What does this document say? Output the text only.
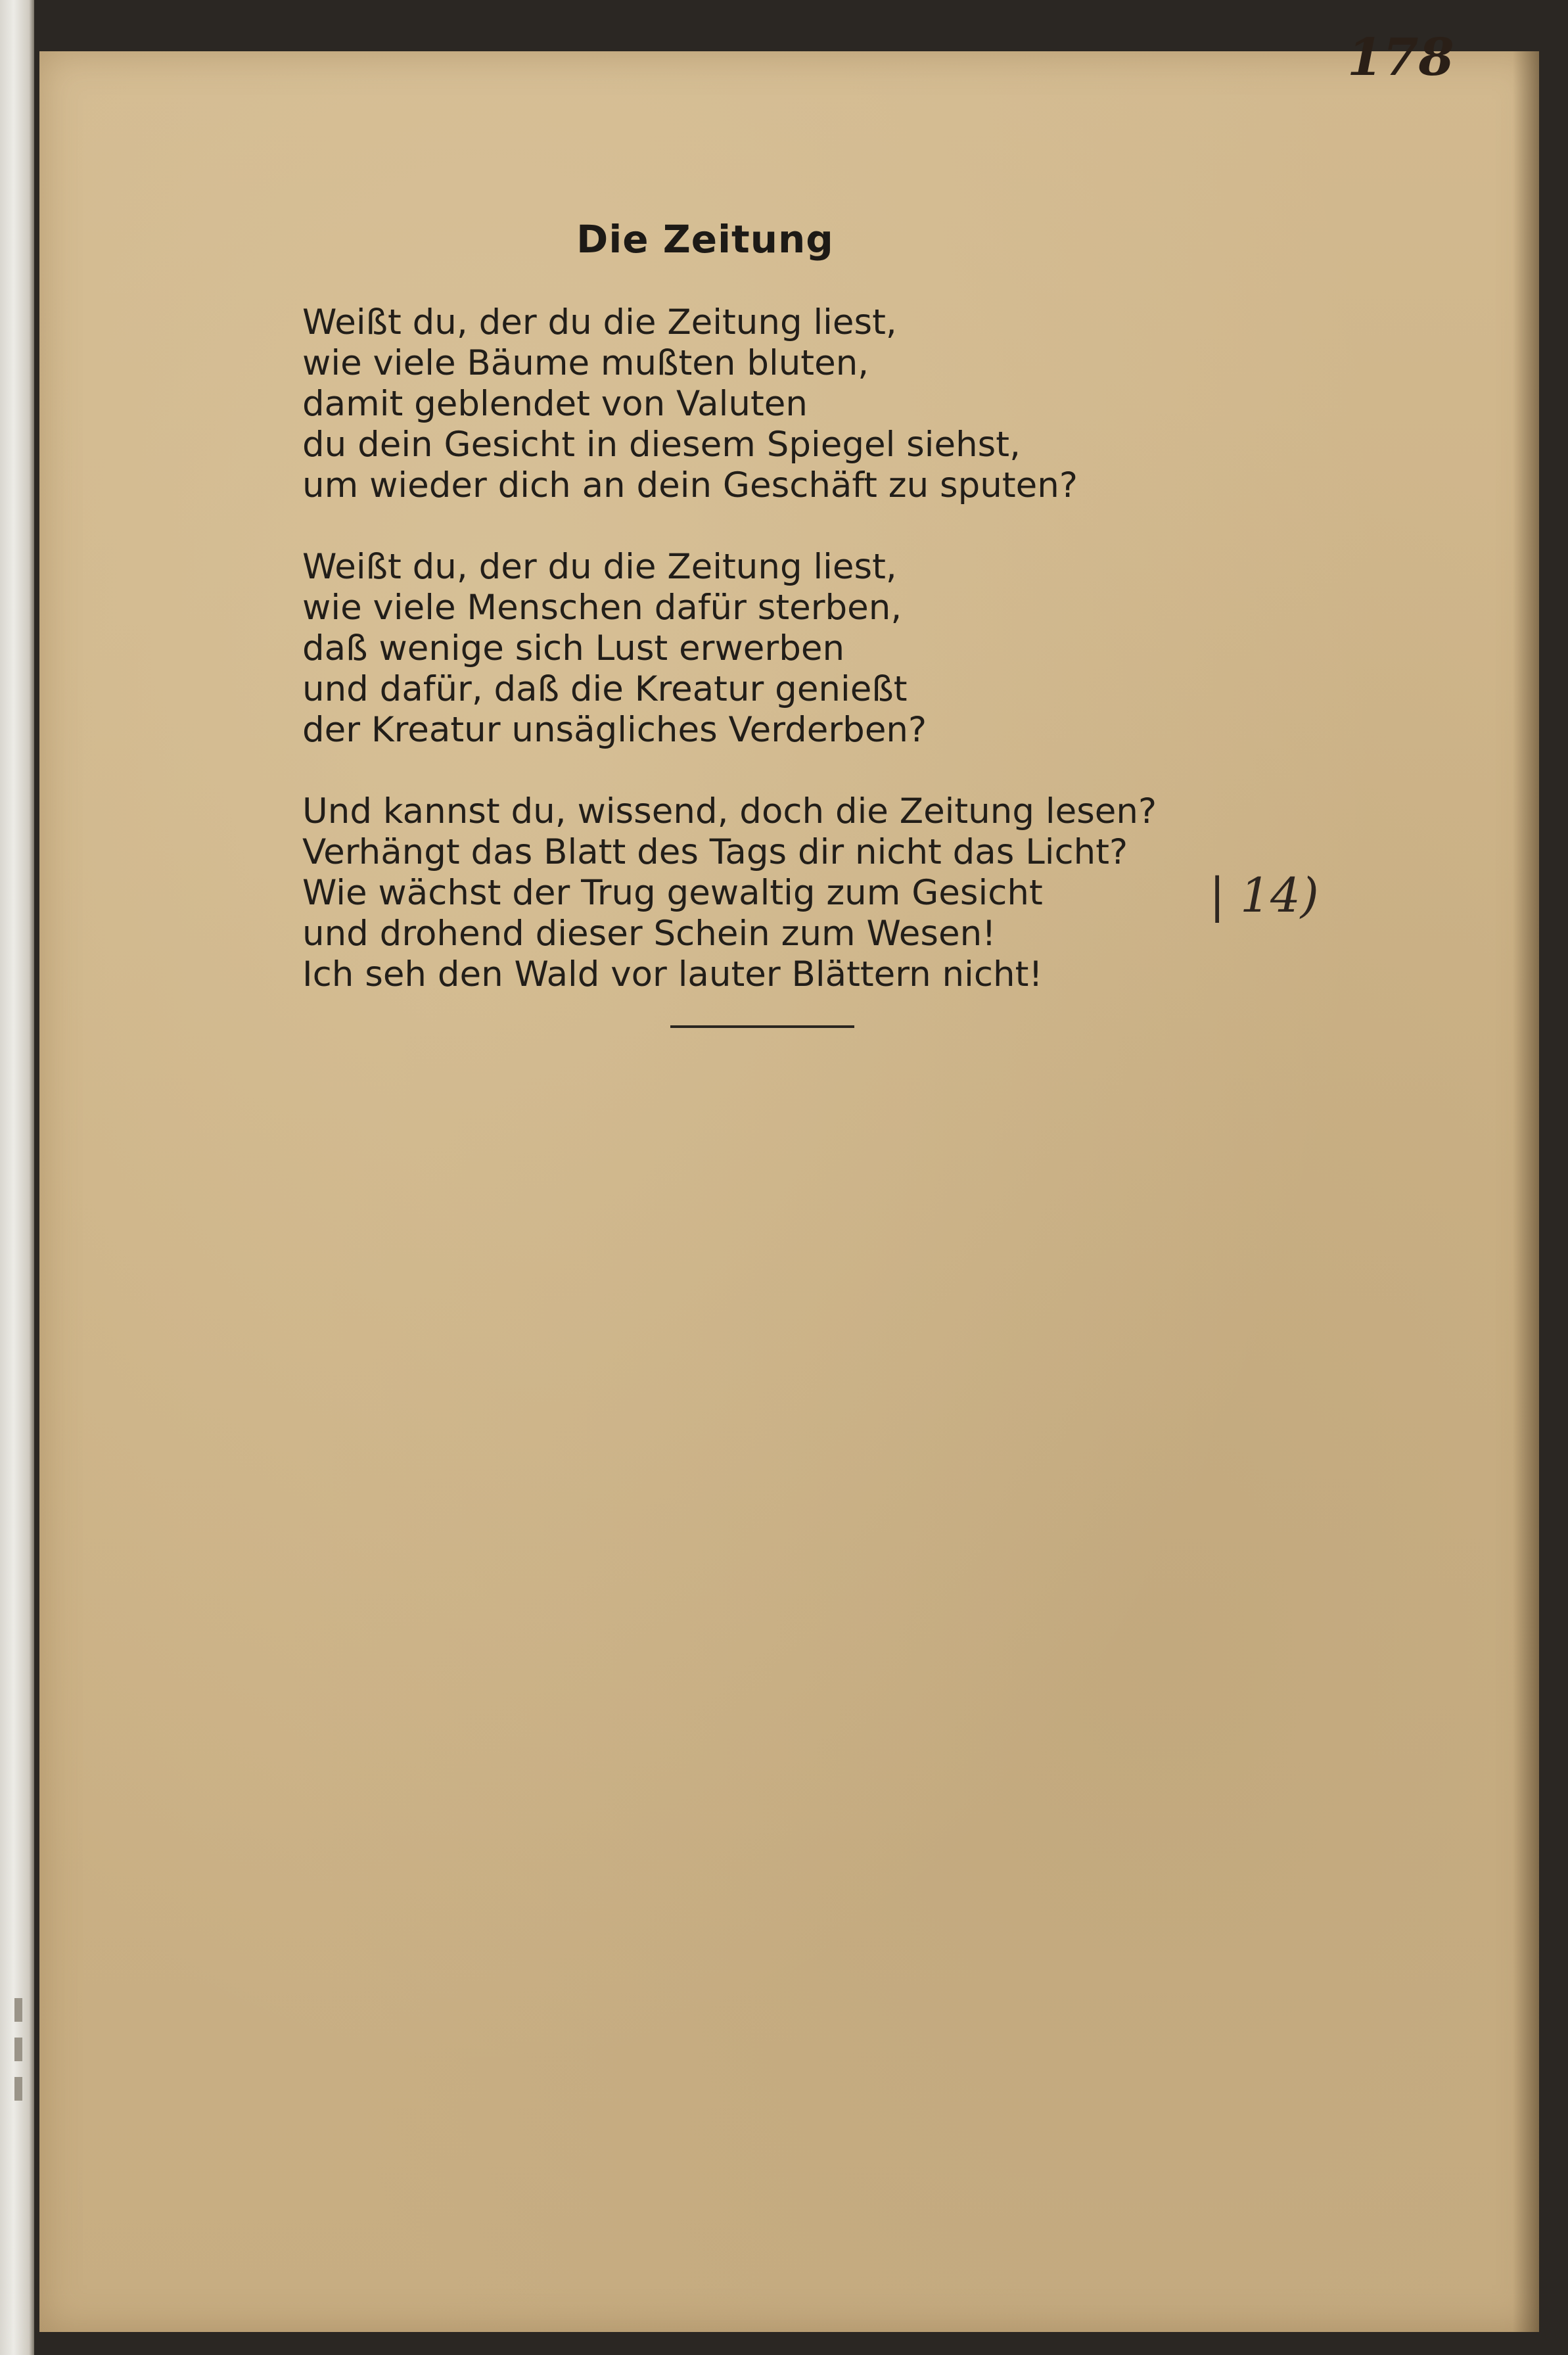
178
Die Zeitung
Weißt du, der du die Zeitung liest,
wie viele Bäume mußten bluten,
damit geblendet von Valuten
du dein Gesicht in diesem Spiegel siehst,
um wieder dich an dein Geschäft zu sputen?
Weißt du, der du die Zeitung liest,
wie viele Menschen dafür sterben,
daß wenige sich Lust erwerben
und dafür, daß die Kreatur genießt
der Kreatur unsägliches Verderben?
Und kannst du, wissend, doch die Zeitung lesen?
Verhängt das Blatt des Tags dir nicht das Licht?
Wie wächst der Trug gewaltig zum Gesicht
und drohend dieser Schein zum Wesen!
Ich seh den Wald vor lauter Blättern nicht!
| 14)
